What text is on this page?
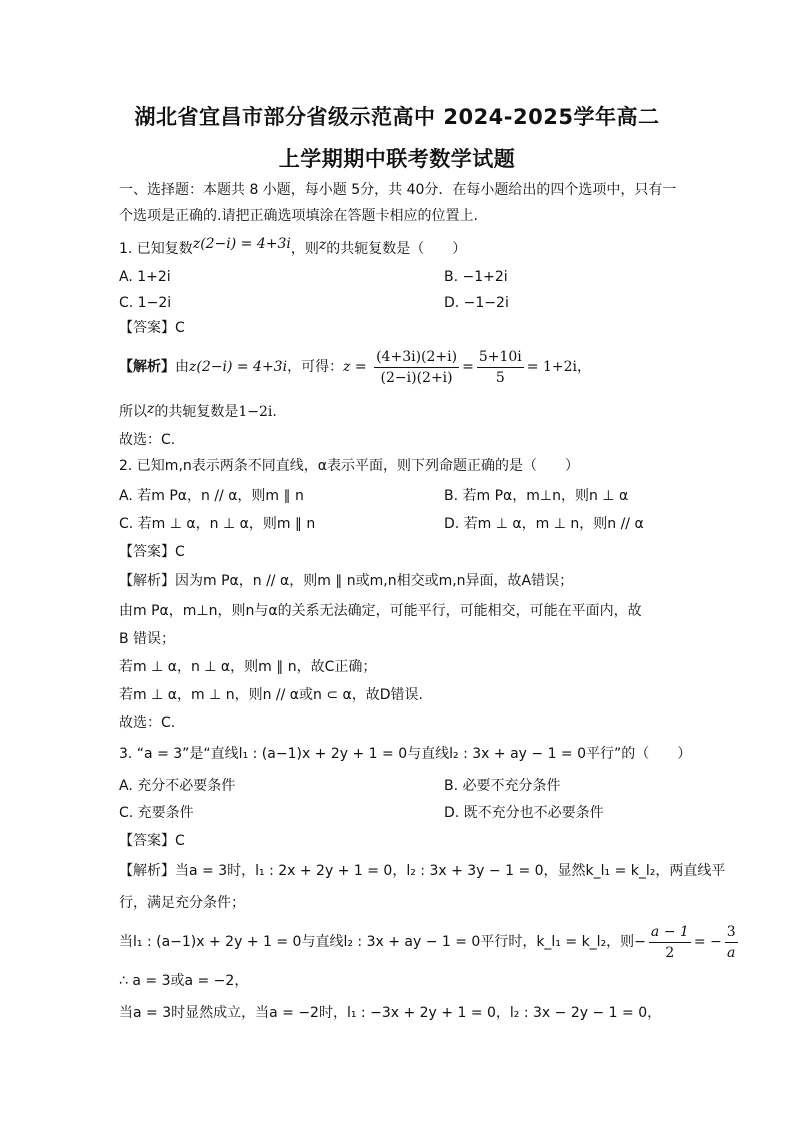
湖北省宜昌市部分省级示范高中 2024-2025学年高二
上学期期中联考数学试题
一、选择题：本题共 8 小题，每小题 5分，共 40分．在每小题给出的四个选项中，只有一
个选项是正确的.请把正确选项填涂在答题卡相应的位置上.
1. 已知复数z(2−i) = 4+3i，则z的共轭复数是（　　）
A. 1+2i	B. −1+2i
C. 1−2i	D. −1−2i
【答案】C
【解析】由z(2−i) = 4+3i，可得：$z = \frac{(4+3i)(2+i)}{(2-i)(2+i)} = \frac{5+10i}{5} = 1+2i$，
所以z的共轭复数是1−2i.
故选：C.
2. 已知m,n表示两条不同直线，α表示平面，则下列命题正确的是（　　）
A. 若m Pα，n // α，则m ∥ n	B. 若m Pα，m⊥n，则n ⊥ α
C. 若m ⊥ α，n ⊥ α，则m ∥ n	D. 若m ⊥ α，m ⊥ n，则n // α
【答案】C
【解析】因为m Pα，n // α，则m ∥ n或m,n相交或m,n异面，故A错误；
由m Pα，m⊥n，则n与α的关系无法确定，可能平行，可能相交，可能在平面内，故
B 错误；
若m ⊥ α，n ⊥ α，则m ∥ n，故C正确；
若m ⊥ α，m ⊥ n，则n // α或n ⊂ α，故D错误.
故选：C.
3. “a = 3”是“直线l₁ : (a−1)x + 2y + 1 = 0与直线l₂ : 3x + ay − 1 = 0平行”的（　　）
A. 充分不必要条件	B. 必要不充分条件
C. 充要条件	D. 既不充分也不必要条件
【答案】C
【解析】当a = 3时，l₁ : 2x + 2y + 1 = 0，l₂ : 3x + 3y − 1 = 0，显然k_l₁ = k_l₂，两直线平
行，满足充分条件；
当l₁ : (a−1)x + 2y + 1 = 0与直线l₂ : 3x + ay − 1 = 0平行时，k_l₁ = k_l₂，则− $\frac{a - 1}{2}$ = − $\frac{3}{a}$
∴ a = 3或a = −2，
当a = 3时显然成立，当a = −2时，l₁ : −3x + 2y + 1 = 0，l₂ : 3x − 2y − 1 = 0，
